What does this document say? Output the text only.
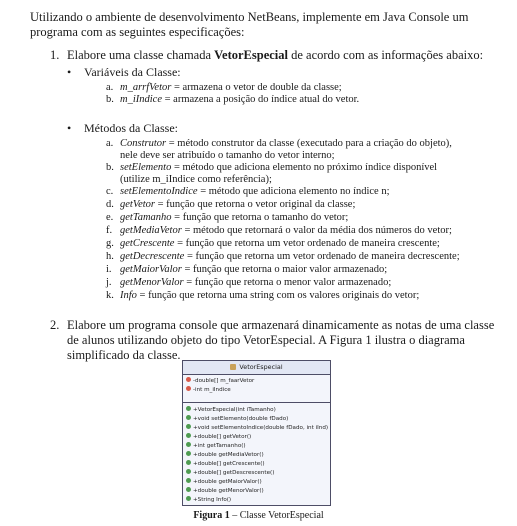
Utilizando o ambiente de desenvolvimento NetBeans, implemente em Java Console um programa com as seguintes especificações:
1. Elabore uma classe chamada VetorEspecial de acordo com as informações abaixo:
• Variáveis da Classe:
a. m_arrfVetor = armazena o vetor de double da classe;
b. m_iIndice = armazena a posição do índice atual do vetor.
• Métodos da Classe:
a. Construtor = método construtor da classe (executado para a criação do objeto),
nele deve ser atribuído o tamanho do vetor interno;
b. setElemento = método que adiciona elemento no próximo índice disponível
(utilize m_iIndice como referência);
c. setElementoIndice = método que adiciona elemento no índice n;
d. getVetor = função que retorna o vetor original da classe;
e. getTamanho = função que retorna o tamanho do vetor;
f. getMediaVetor = método que retornará o valor da média dos números do vetor;
g. getCrescente = função que retorna um vetor ordenado de maneira crescente;
h. getDecrescente = função que retorna um vetor ordenado de maneira decrescente;
i. getMaiorValor = função que retorna o maior valor armazenado;
j. getMenorValor = função que retorna o menor valor armazenado;
k. Info = função que retorna uma string com os valores originais do vetor;
2. Elabore um programa console que armazenará dinamicamente as notas de uma classe
de alunos utilizando objeto do tipo VetorEspecial. A Figura 1 ilustra o diagrama
simplificado da classe.
VetorEspecial
-double[] m_faarVetor
-int m_iIndice
+VetorEspecial(int iTamanho)
+void setElemento(double fDado)
+void setElementoIndice(double fDado, int iInd)
+double[] getVetor()
+int getTamanho()
+double getMediaVetor()
+double[] getCrescente()
+double[] getDescrescente()
+double getMaiorValor()
+double getMenorValor()
+String Info()
Figura 1 – Classe VetorEspecial
